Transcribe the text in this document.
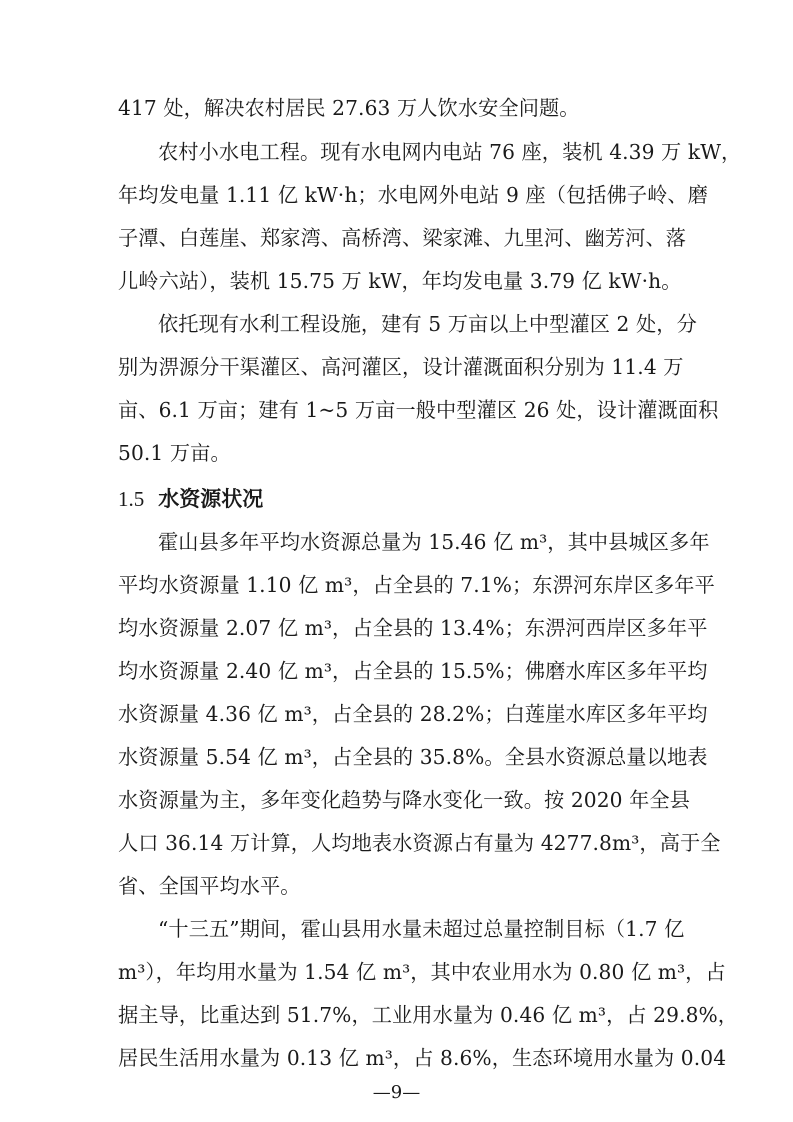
417 处，解决农村居民 27.63 万人饮水安全问题。
农村小水电工程。现有水电网内电站 76 座，装机 4.39 万 kW，
年均发电量 1.11 亿 kW·h；水电网外电站 9 座（包括佛子岭、磨
子潭、白莲崖、郑家湾、高桥湾、梁家滩、九里河、幽芳河、落
儿岭六站），装机 15.75 万 kW，年均发电量 3.79 亿 kW·h。
依托现有水利工程设施，建有 5 万亩以上中型灌区 2 处，分
别为淠源分干渠灌区、高河灌区，设计灌溉面积分别为 11.4 万
亩、6.1 万亩；建有 1~5 万亩一般中型灌区 26 处，设计灌溉面积
50.1 万亩。
1.5 水资源状况
霍山县多年平均水资源总量为 15.46 亿 m³，其中县城区多年
平均水资源量 1.10 亿 m³，占全县的 7.1%；东淠河东岸区多年平
均水资源量 2.07 亿 m³，占全县的 13.4%；东淠河西岸区多年平
均水资源量 2.40 亿 m³，占全县的 15.5%；佛磨水库区多年平均
水资源量 4.36 亿 m³，占全县的 28.2%；白莲崖水库区多年平均
水资源量 5.54 亿 m³，占全县的 35.8%。全县水资源总量以地表
水资源量为主，多年变化趋势与降水变化一致。按 2020 年全县
人口 36.14 万计算，人均地表水资源占有量为 4277.8m³，高于全
省、全国平均水平。
“十三五”期间，霍山县用水量未超过总量控制目标（1.7 亿
m³），年均用水量为 1.54 亿 m³，其中农业用水为 0.80 亿 m³，占
据主导，比重达到 51.7%，工业用水量为 0.46 亿 m³，占 29.8%，
居民生活用水量为 0.13 亿 m³，占 8.6%，生态环境用水量为 0.04
—9—
